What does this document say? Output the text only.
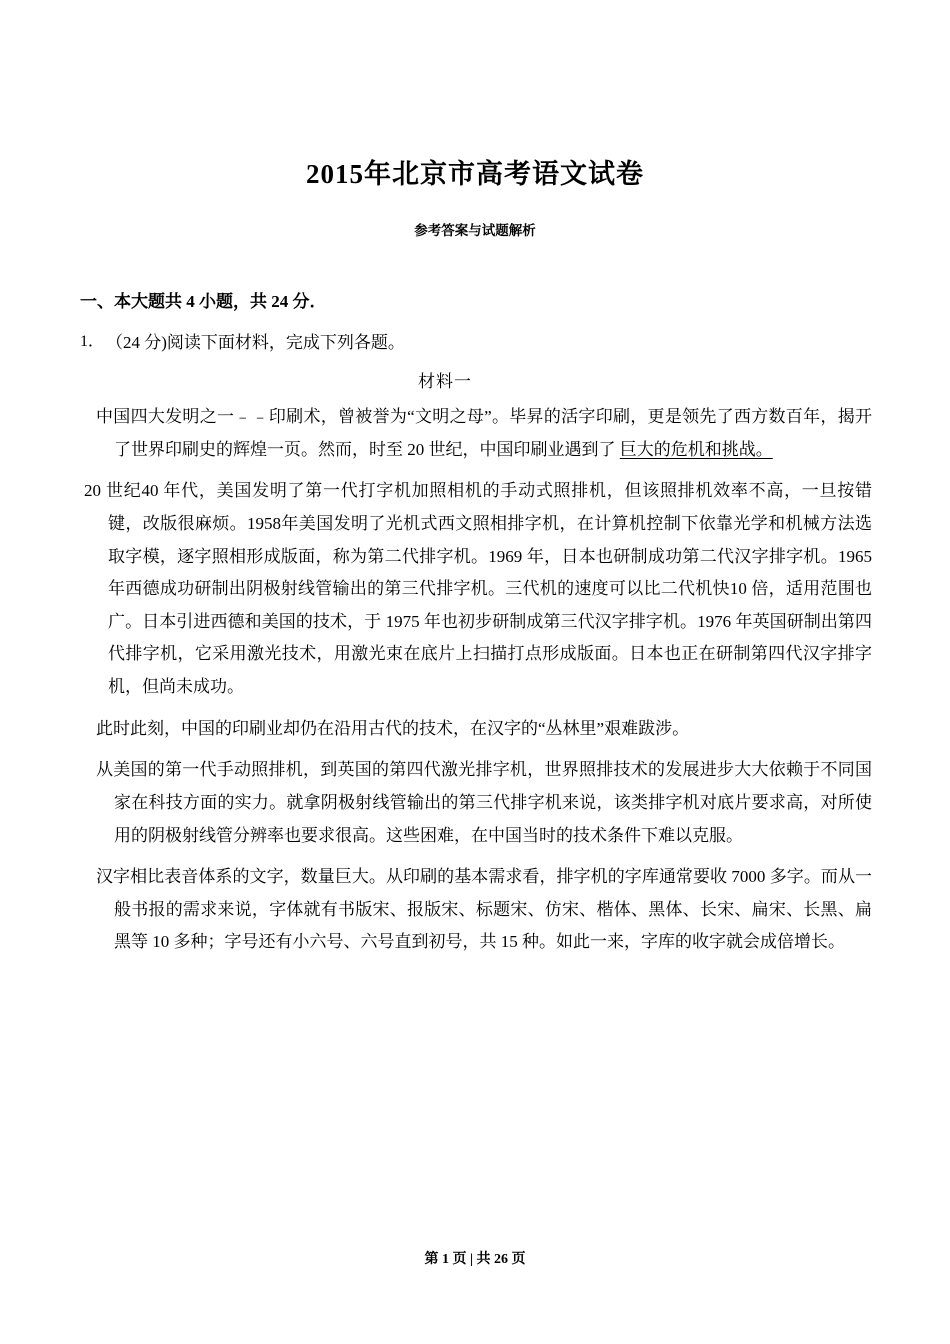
2015年北京市高考语文试卷
参考答案与试题解析
一、本大题共 4 小题，共 24 分．
1． （24 分)阅读下面材料，完成下列各题。
材料一
中国四大发明之一﹣﹣印刷术，曾被誉为“文明之母”。毕昇的活字印刷，更是领先了西方数百年，揭开了世界印刷史的辉煌一页。然而，时至 20 世纪，中国印刷业遇到了 巨大的危机和挑战。
20 世纪40 年代，美国发明了第一代打字机加照相机的手动式照排机，但该照排机效率不高，一旦按错键，改版很麻烦。1958年美国发明了光机式西文照相排字机，在计算机控制下依靠光学和机械方法选取字模，逐字照相形成版面，称为第二代排字机。1969 年，日本也研制成功第二代汉字排字机。1965 年西德成功研制出阴极射线管输出的第三代排字机。三代机的速度可以比二代机快10 倍，适用范围也广。日本引进西德和美国的技术，于 1975 年也初步研制成第三代汉字排字机。1976 年英国研制出第四代排字机，它采用激光技术，用激光束在底片上扫描打点形成版面。日本也正在研制第四代汉字排字机，但尚未成功。
此时此刻，中国的印刷业却仍在沿用古代的技术，在汉字的“丛林里”艰难跋涉。
从美国的第一代手动照排机，到英国的第四代激光排字机，世界照排技术的发展进步大大依赖于不同国家在科技方面的实力。就拿阴极射线管输出的第三代排字机来说，该类排字机对底片要求高，对所使用的阴极射线管分辨率也要求很高。这些困难，在中国当时的技术条件下难以克服。
汉字相比表音体系的文字，数量巨大。从印刷的基本需求看，排字机的字库通常要收 7000 多字。而从一般书报的需求来说，字体就有书版宋、报版宋、标题宋、仿宋、楷体、黑体、长宋、扁宋、长黑、扁黑等 10 多种；字号还有小六号、六号直到初号，共 15 种。如此一来，字库的收字就会成倍增长。
第 1 页 | 共 26 页
